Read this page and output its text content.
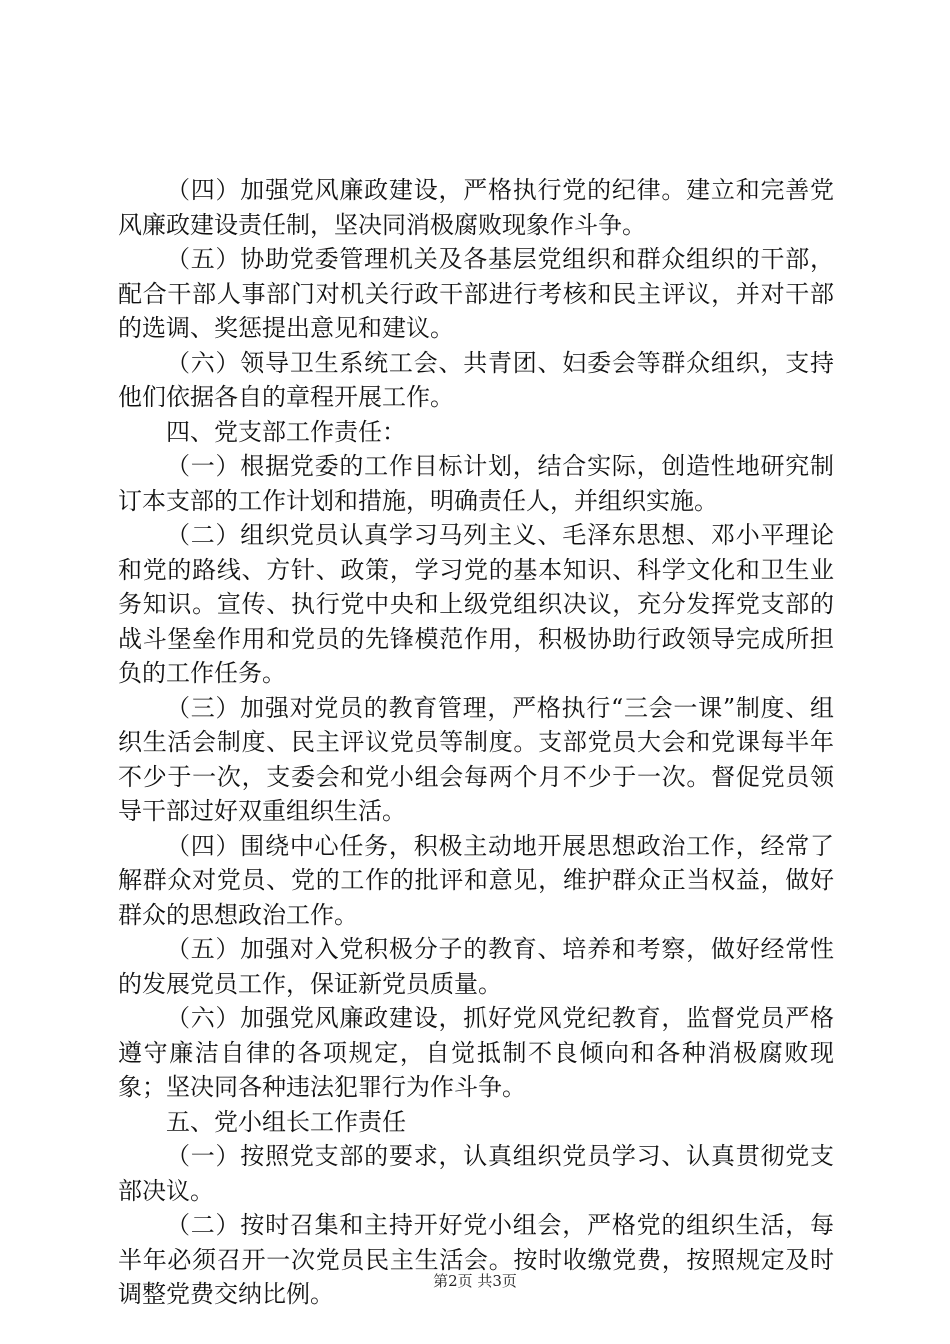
（四）加强党风廉政建设，严格执行党的纪律。建立和完善党风廉政建设责任制，坚决同消极腐败现象作斗争。

（五）协助党委管理机关及各基层党组织和群众组织的干部，配合干部人事部门对机关行政干部进行考核和民主评议，并对干部的选调、奖惩提出意见和建议。

（六）领导卫生系统工会、共青团、妇委会等群众组织，支持他们依据各自的章程开展工作。

四、党支部工作责任：

（一）根据党委的工作目标计划，结合实际，创造性地研究制订本支部的工作计划和措施，明确责任人，并组织实施。

（二）组织党员认真学习马列主义、毛泽东思想、邓小平理论和党的路线、方针、政策，学习党的基本知识、科学文化和卫生业务知识。宣传、执行党中央和上级党组织决议，充分发挥党支部的战斗堡垒作用和党员的先锋模范作用，积极协助行政领导完成所担负的工作任务。

（三）加强对党员的教育管理，严格执行“三会一课”制度、组织生活会制度、民主评议党员等制度。支部党员大会和党课每半年不少于一次，支委会和党小组会每两个月不少于一次。督促党员领导干部过好双重组织生活。

（四）围绕中心任务，积极主动地开展思想政治工作，经常了解群众对党员、党的工作的批评和意见，维护群众正当权益，做好群众的思想政治工作。

（五）加强对入党积极分子的教育、培养和考察，做好经常性的发展党员工作，保证新党员质量。

（六）加强党风廉政建设，抓好党风党纪教育，监督党员严格遵守廉洁自律的各项规定，自觉抵制不良倾向和各种消极腐败现象；坚决同各种违法犯罪行为作斗争。

五、党小组长工作责任

（一）按照党支部的要求，认真组织党员学习、认真贯彻党支部决议。

（二）按时召集和主持开好党小组会，严格党的组织生活，每半年必须召开一次党员民主生活会。按时收缴党费，按照规定及时调整党费交纳比例。	第2页 共3页
